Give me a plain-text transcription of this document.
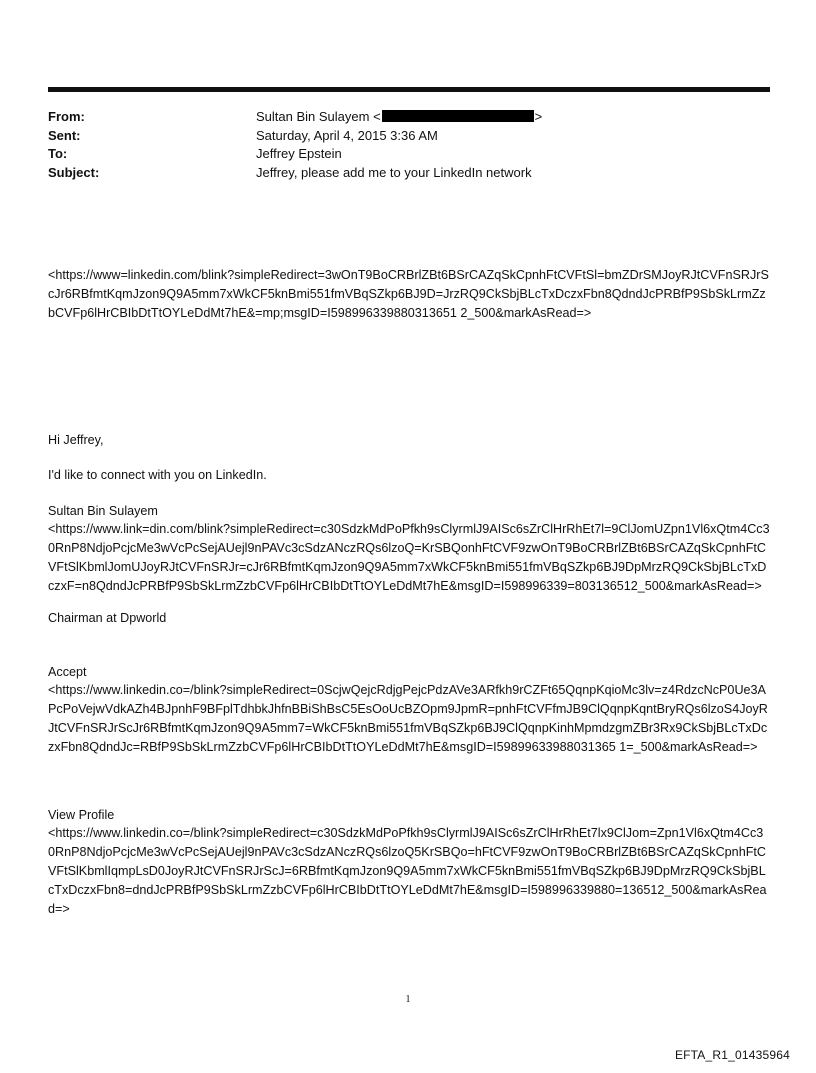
From:	Sultan Bin Sulayem <	>
Sent:	Saturday, April 4, 2015 3:36 AM
To:	Jeffrey Epstein
Subject:	Jeffrey, please add me to your LinkedIn network
<https://www=linkedin.com/blink?simpleRedirect=3wOnT9BoCRBrlZBt6BSrCAZqSkCpnhFtCVFtSl=bmZDrSMJoyRJtCVFnSRJrScJr6RBfmtKqmJzon9Q9A5mm7xWkCF5knBmi551fmVBqSZkp6BJ9D=JrzRQ9CkSbjBLcTxDczxFbn8QdndJcPRBfP9SbSkLrmZzbCVFp6lHrCBIbDtTtOYLeDdMt7hE&=mp;msgID=I598996339880313651 2_500&markAsRead=>
Hi Jeffrey,
I'd like to connect with you on LinkedIn.
Sultan Bin Sulayem
<https://www.link=din.com/blink?simpleRedirect=c30SdzkMdPoPfkh9sClyrmlJ9AISc6sZrClHrRhEt7l=9ClJomUZpn1Vl6xQtm4Cc30RnP8NdjoPcjcMe3wVcPcSejAUejl9nPAVc3cSdzANczRQs6lzoQ=KrSBQonhFtCVF9zwOnT9BoCRBrlZBt6BSrCAZqSkCpnhFtCVFtSlKbmlJomUJoyRJtCVFnSRJr=cJr6RBfmtKqmJzon9Q9A5mm7xWkCF5knBmi551fmVBqSZkp6BJ9DpMrzRQ9CkSbjBLcTxDczxF=n8QdndJcPRBfP9SbSkLrmZzbCVFp6lHrCBIbDtTtOYLeDdMt7hE&msgID=I598996339=803136512_500&markAsRead=>
Chairman at Dpworld
Accept
<https://www.linkedin.co=/blink?simpleRedirect=0ScjwQejcRdjgPejcPdzAVe3ARfkh9rCZFt65QqnpKqioMc3lv=z4RdzcNcP0Ue3APcPoVejwVdkAZh4BJpnhF9BFplTdhbkJhfnBBiShBsC5EsOoUcBZOpm9JpmR=pnhFtCVFfmJB9ClQqnpKqntBryRQs6lzoS4JoyRJtCVFnSRJrScJr6RBfmtKqmJzon9Q9A5mm7=WkCF5knBmi551fmVBqSZkp6BJ9ClQqnpKinhMpmdzgmZBr3Rx9CkSbjBLcTxDczxFbn8QdndJc=RBfP9SbSkLrmZzbCVFp6lHrCBIbDtTtOYLeDdMt7hE&msgID=I59899633988031365 1=_500&markAsRead=>
View Profile
<https://www.linkedin.co=/blink?simpleRedirect=c30SdzkMdPoPfkh9sClyrmlJ9AISc6sZrClHrRhEt7lx9ClJom=Zpn1Vl6xQtm4Cc30RnP8NdjoPcjcMe3wVcPcSejAUejl9nPAVc3cSdzANczRQs6lzoQ5KrSBQo=hFtCVF9zwOnT9BoCRBrlZBt6BSrCAZqSkCpnhFtCVFtSlKbmlIqmpLsD0JoyRJtCVFnSRJrScJ=6RBfmtKqmJzon9Q9A5mm7xWkCF5knBmi551fmVBqSZkp6BJ9DpMrzRQ9CkSbjBLcTxDczxFbn8=dndJcPRBfP9SbSkLrmZzbCVFp6lHrCBIbDtTtOYLeDdMt7hE&msgID=I598996339880=136512_500&markAsRead=>
1
EFTA_R1_01435964
